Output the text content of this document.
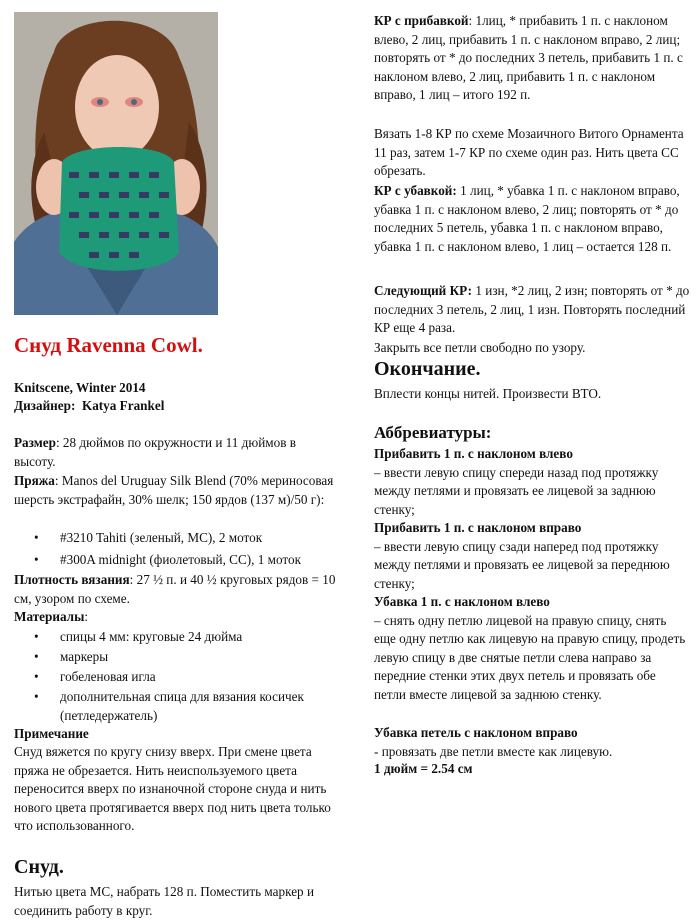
Снуд Ravenna Cowl.
Knitscene, Winter 2014
Дизайнер: Katya Frankel
Размер: 28 дюймов по окружности и 11 дюймов в высоту.
Пряжа: Manos del Uruguay Silk Blend (70% мериносовая шерсть экстрафайн, 30% шелк; 150 ярдов (137 м)/50 г):
• #3210 Tahiti (зеленый, МС), 2 моток
• #300A midnight (фиолетовый, СС), 1 моток
Плотность вязания: 27 ½ п. и 40 ½ круговых рядов = 10 см, узором по схеме.
Материалы:
• спицы 4 мм: круговые 24 дюйма
• маркеры
• гобеленовая игла
• дополнительная спица для вязания косичек (петледержатель)
Примечание
Снуд вяжется по кругу снизу вверх. При смене цвета пряжа не обрезается. Нить неиспользуемого цвета переносится вверх по изнаночной стороне снуда и нить нового цвета протягивается вверх под нить цвета только что использованного.
Снуд.
Нитью цвета МС, набрать 128 п. Поместить маркер и соединить работу в круг.
КР с прибавкой: 1лиц, * прибавить 1 п. с наклоном влево, 2 лиц, прибавить 1 п. с наклоном вправо, 2 лиц; повторять от * до последних 3 петель, прибавить 1 п. с наклоном влево, 2 лиц, прибавить 1 п. с наклоном вправо, 1 лиц – итого 192 п.
Вязать 1-8 КР по схеме Мозаичного Витого Орнамента 11 раз, затем 1-7 КР по схеме один раз. Нить цвета СС обрезать.
КР с убавкой: 1 лиц, * убавка 1 п. с наклоном вправо, убавка 1 п. с наклоном влево, 2 лиц; повторять от * до последних 5 петель, убавка 1 п. с наклоном вправо, убавка 1 п. с наклоном влево, 1 лиц – остается 128 п.
Следующий КР: 1 изн, *2 лиц, 2 изн; повторять от * до последних 3 петель, 2 лиц, 1 изн. Повторять последний КР еще 4 раза.
Закрыть все петли свободно по узору.
Окончание.
Вплести концы нитей. Произвести ВТО.
Аббревиатуры:
Прибавить 1 п. с наклоном влево
– ввести левую спицу спереди назад под протяжку между петлями и провязать ее лицевой за заднюю стенку;
Прибавить 1 п. с наклоном вправо
– ввести левую спицу сзади наперед под протяжку между петлями и провязать ее лицевой за переднюю стенку;
Убавка 1 п. с наклоном влево
– снять одну петлю лицевой на правую спицу, снять еще одну петлю как лицевую на правую спицу, продеть левую спицу в две снятые петли слева направо за передние стенки этих двух петель и провязать обе петли вместе лицевой за заднюю стенку.
Убавка петель с наклоном вправо
- провязать две петли вместе как лицевую.
1 дюйм = 2.54 см
